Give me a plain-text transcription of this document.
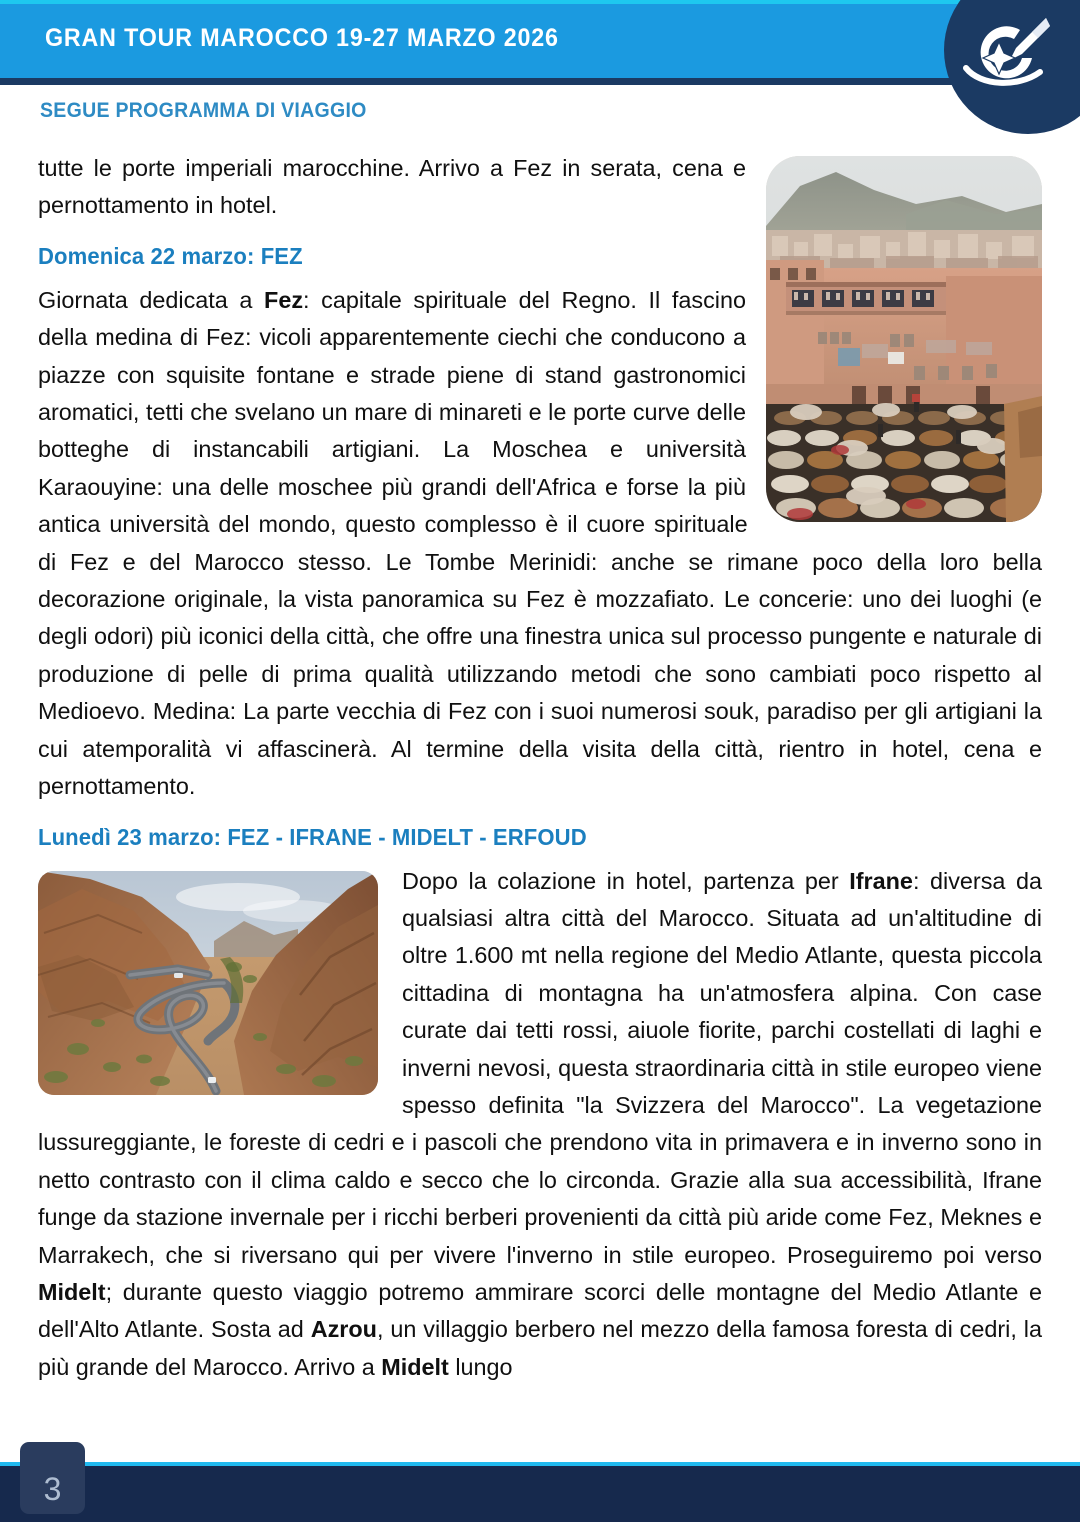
GRAN TOUR MAROCCO 19-27 MARZO 2026
SEGUE PROGRAMMA DI VIAGGIO

tutte le porte imperiali marocchine. Arrivo a Fez in serata, cena e pernottamento in hotel.

Domenica 22 marzo: FEZ

Giornata dedicata a Fez: capitale spirituale del Regno. Il fascino della medina di Fez: vicoli apparentemente ciechi che conducono a piazze con squisite fontane e strade piene di stand gastronomici aromatici, tetti che svelano un mare di minareti e le porte curve delle botteghe di instancabili artigiani. La Moschea e università Karaouyine: una delle moschee più grandi dell'Africa e forse la più antica università del mondo, questo complesso è il cuore spirituale di Fez e del Marocco stesso. Le Tombe Merinidi: anche se rimane poco della loro bella decorazione originale, la vista panoramica su Fez è mozzafiato. Le concerie: uno dei luoghi (e degli odori) più iconici della città, che offre una finestra unica sul processo pungente e naturale di produzione di pelle di prima qualità utilizzando metodi che sono cambiati poco rispetto al Medioevo. Medina: La parte vecchia di Fez con i suoi numerosi souk, paradiso per gli artigiani la cui atemporalità vi affascinerà. Al termine della visita della città, rientro in hotel, cena e pernottamento.

Lunedì 23 marzo: FEZ - IFRANE - MIDELT - ERFOUD

Dopo la colazione in hotel, partenza per Ifrane: diversa da qualsiasi altra città del Marocco. Situata ad un'altitudine di oltre 1.600 mt nella regione del Medio Atlante, questa piccola cittadina di montagna ha un'atmosfera alpina. Con case curate dai tetti rossi, aiuole fiorite, parchi costellati di laghi e inverni nevosi, questa straordinaria città in stile europeo viene spesso definita "la Svizzera del Marocco". La vegetazione lussureggiante, le foreste di cedri e i pascoli che prendono vita in primavera e in inverno sono in netto contrasto con il clima caldo e secco che lo circonda. Grazie alla sua accessibilità, Ifrane funge da stazione invernale per i ricchi berberi provenienti da città più aride come Fez, Meknes e Marrakech, che si riversano qui per vivere l'inverno in stile europeo. Proseguiremo poi verso Midelt; durante questo viaggio potremo ammirare scorci delle montagne del Medio Atlante e dell'Alto Atlante. Sosta ad Azrou, un villaggio berbero nel mezzo della famosa foresta di cedri, la più grande del Marocco. Arrivo a Midelt lungo

3
